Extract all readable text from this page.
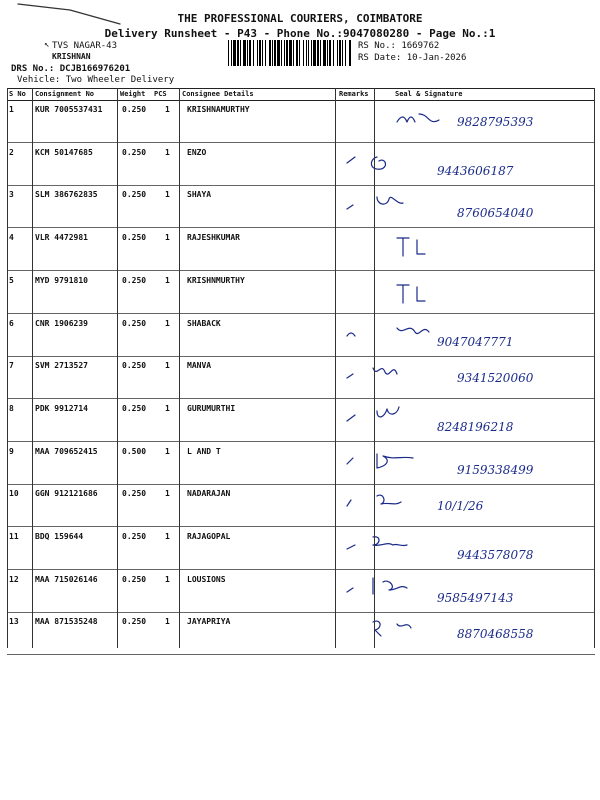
THE PROFESSIONAL COURIERS, COIMBATORE
Delivery Runsheet - P43 - Phone No.:9047080280 - Page No.:1
↖ TVS NAGAR-43
KRISHNAN
DRS No.: DCJB166976201
Vehicle: Two Wheeler Delivery
RS No.: 1669762
RS Date: 10-Jan-2026
S No Consignment No	Weight PCS Consignee Details	Remarks	Seal & Signature
1	KUR 7005537431 0.250 1 KRISHNAMURTHY
9828795393
2	KCM 50147685	0.250 1 ENZO
9443606187
3	SLM 386762835	0.250 1 SHAYA
8760654040
4	VLR 4472981	0.250 1 RAJESHKUMAR
5	MYD 9791810	0.250 1 KRISHNMURTHY
6	CNR 1906239	0.250 1 SHABACK
9047047771
7	SVM 2713527	0.250 1 MANVA
9341520060
8	PDK 9912714	0.250 1 GURUMURTHI
8248196218
9	MAA 709652415	0.500 1 L AND T
9159338499
10 GGN 912121686	0.250 1 NADARAJAN
10/1/26
11 BDQ 159644	0.250 1 RAJAGOPAL
9443578078
12 MAA 715026146	0.250 1 LOUSIONS
9585497143
13 MAA 871535248	0.250 1 JAYAPRIYA
8870468558
